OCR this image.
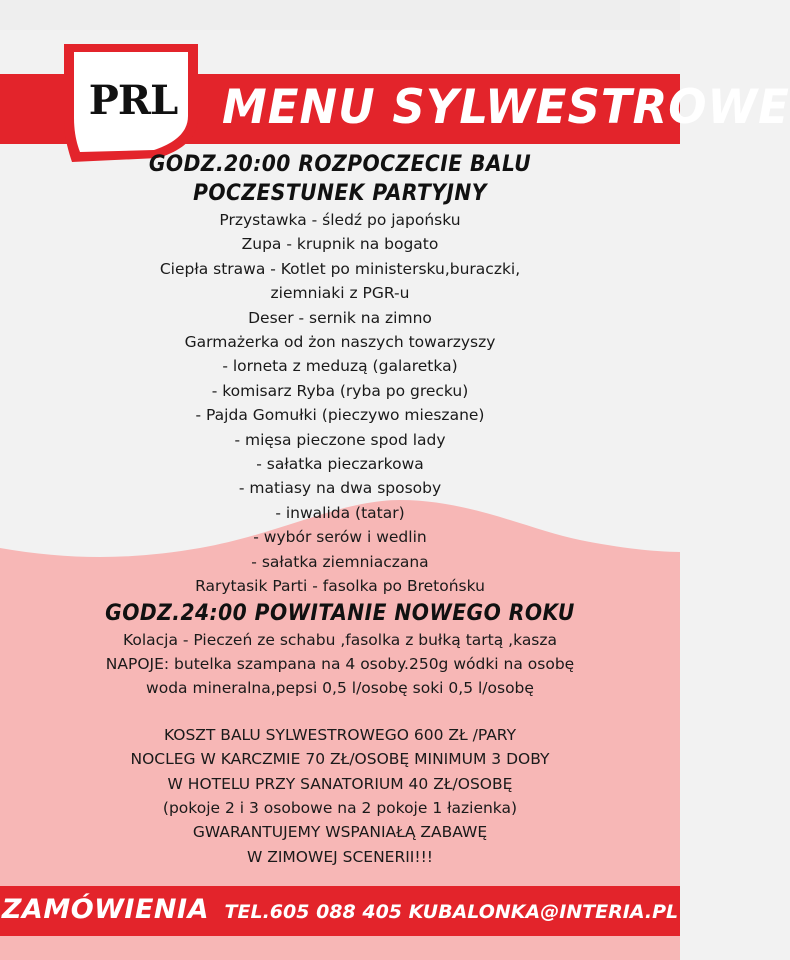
PRL MENU SYLWESTROWE
GODZ.20:00 ROZPOCZECIE BALU
POCZESTUNEK PARTYJNY
Przystawka - śledź po japońsku
Zupa - krupnik na bogato
Ciepła strawa - Kotlet po ministersku,buraczki,
ziemniaki z PGR-u
Deser - sernik na zimno
Garmażerka od żon naszych towarzyszy
- lorneta z meduzą (galaretka)
- komisarz Ryba (ryba po grecku)
- Pajda Gomułki (pieczywo mieszane)
- mięsa pieczone spod lady
- sałatka pieczarkowa
- matiasy na dwa sposoby
- inwalida (tatar)
- wybór serów i wedlin
- sałatka ziemniaczana
Rarytasik Parti - fasolka po Bretońsku
GODZ.24:00 POWITANIE NOWEGO ROKU
Kolacja - Pieczeń ze schabu ,fasolka z bułką tartą ,kasza
NAPOJE: butelka szampana na 4 osoby.250g wódki na osobę
woda mineralna,pepsi 0,5 l/osobę soki 0,5 l/osobę
KOSZT BALU SYLWESTROWEGO 600 ZŁ /PARY
NOCLEG W KARCZMIE 70 ZŁ/OSOBĘ MINIMUM 3 DOBY
W HOTELU PRZY SANATORIUM 40 ZŁ/OSOBĘ
(pokoje 2 i 3 osobowe na 2 pokoje 1 łazienka)
GWARANTUJEMY WSPANIAŁĄ ZABAWĘ
W ZIMOWEJ SCENERII!!!
ZAMÓWIENIA TEL.605 088 405 KUBALONKA@INTERIA.PL
